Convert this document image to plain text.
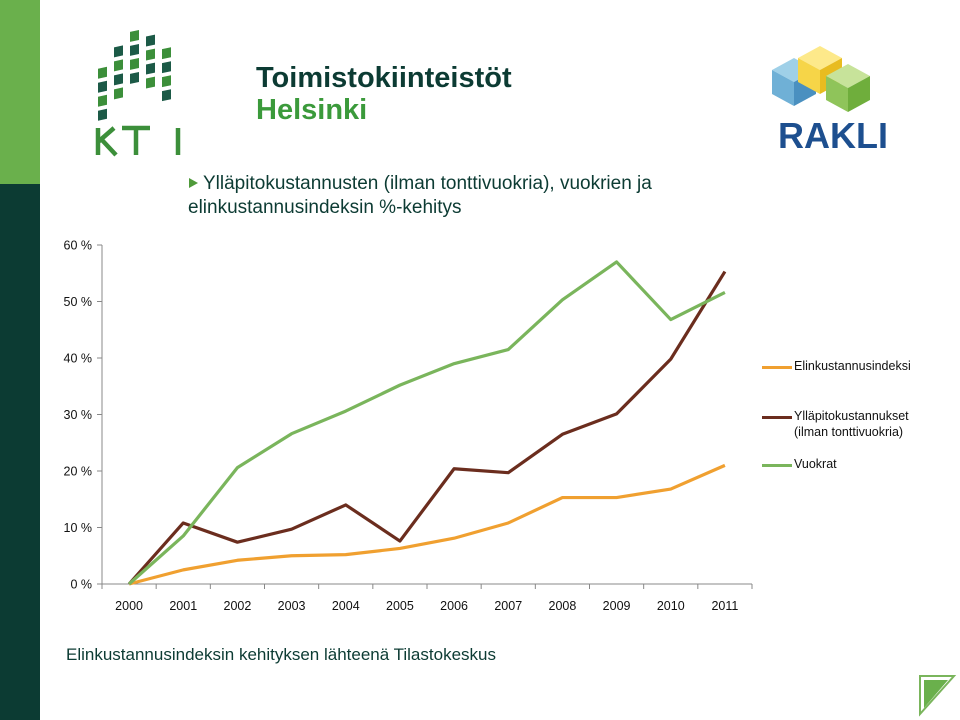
Toimistokiinteistöt
Helsinki
RAKLI

Ylläpitokustannusten (ilman tonttivuokria), vuokrien ja elinkustannusindeksin %-kehitys

0 %
10 %
20 %
30 %
40 %
50 %
60 %
2000 2001 2002 2003 2004 2005 2006 2007 2008 2009 2010 2011
Elinkustannusindeksi
Ylläpitokustannukset (ilman tonttivuokria)
Vuokrat

Elinkustannusindeksin kehityksen lähteenä Tilastokeskus
